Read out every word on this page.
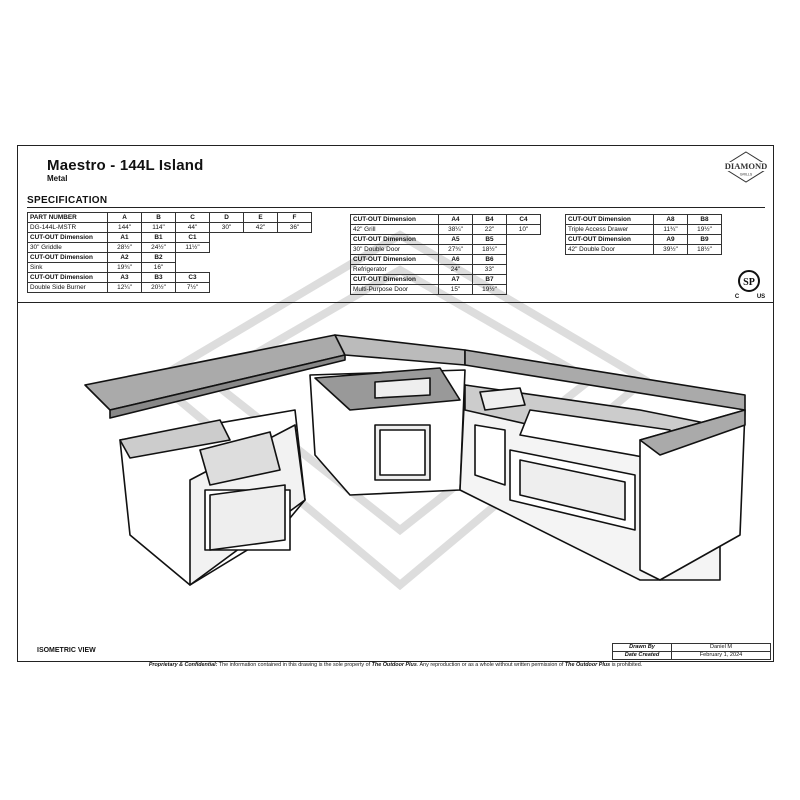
Maestro - 144L Island
Metal
SPECIFICATION
DIAMOND
GRILLS
SP
C	US
PART NUMBER	A	B	C	D	E	F
DG-144L-MSTR	144"	114"	44"	30"	42"	36"
CUT-OUT Dimension	A1	B1	C1			
30" Griddle	28½"	24½"	11½"			
CUT-OUT Dimension	A2	B2				
Sink	19¾"	16"				
CUT-OUT Dimension	A3	B3	C3			
Double Side Burner	12¼"	20½"	7½"			
CUT-OUT Dimension	A4	B4	C4
42" Grill	38¼"	22"	10"
CUT-OUT Dimension	A5	B5	
30" Double Door	27¾"	18½"	
CUT-OUT Dimension	A6	B6	
Refrigerator	24"	33"	
CUT-OUT Dimension	A7	B7	
Multi-Purpose Door	15"	19½"	
CUT-OUT Dimension	A8	B8
Triple Access Drawer	11¾"	19½"
CUT-OUT Dimension	A9	B9
42" Double Door	39½"	18½"
ISOMETRIC VIEW	Drawn By	Daniel M
Date Created	February 1, 2024
Proprietary & Confidential: The information contained in this drawing is the sole property of The Outdoor Plus. Any reproduction or as a whole without written permission of The Outdoor Plus is prohibited.
